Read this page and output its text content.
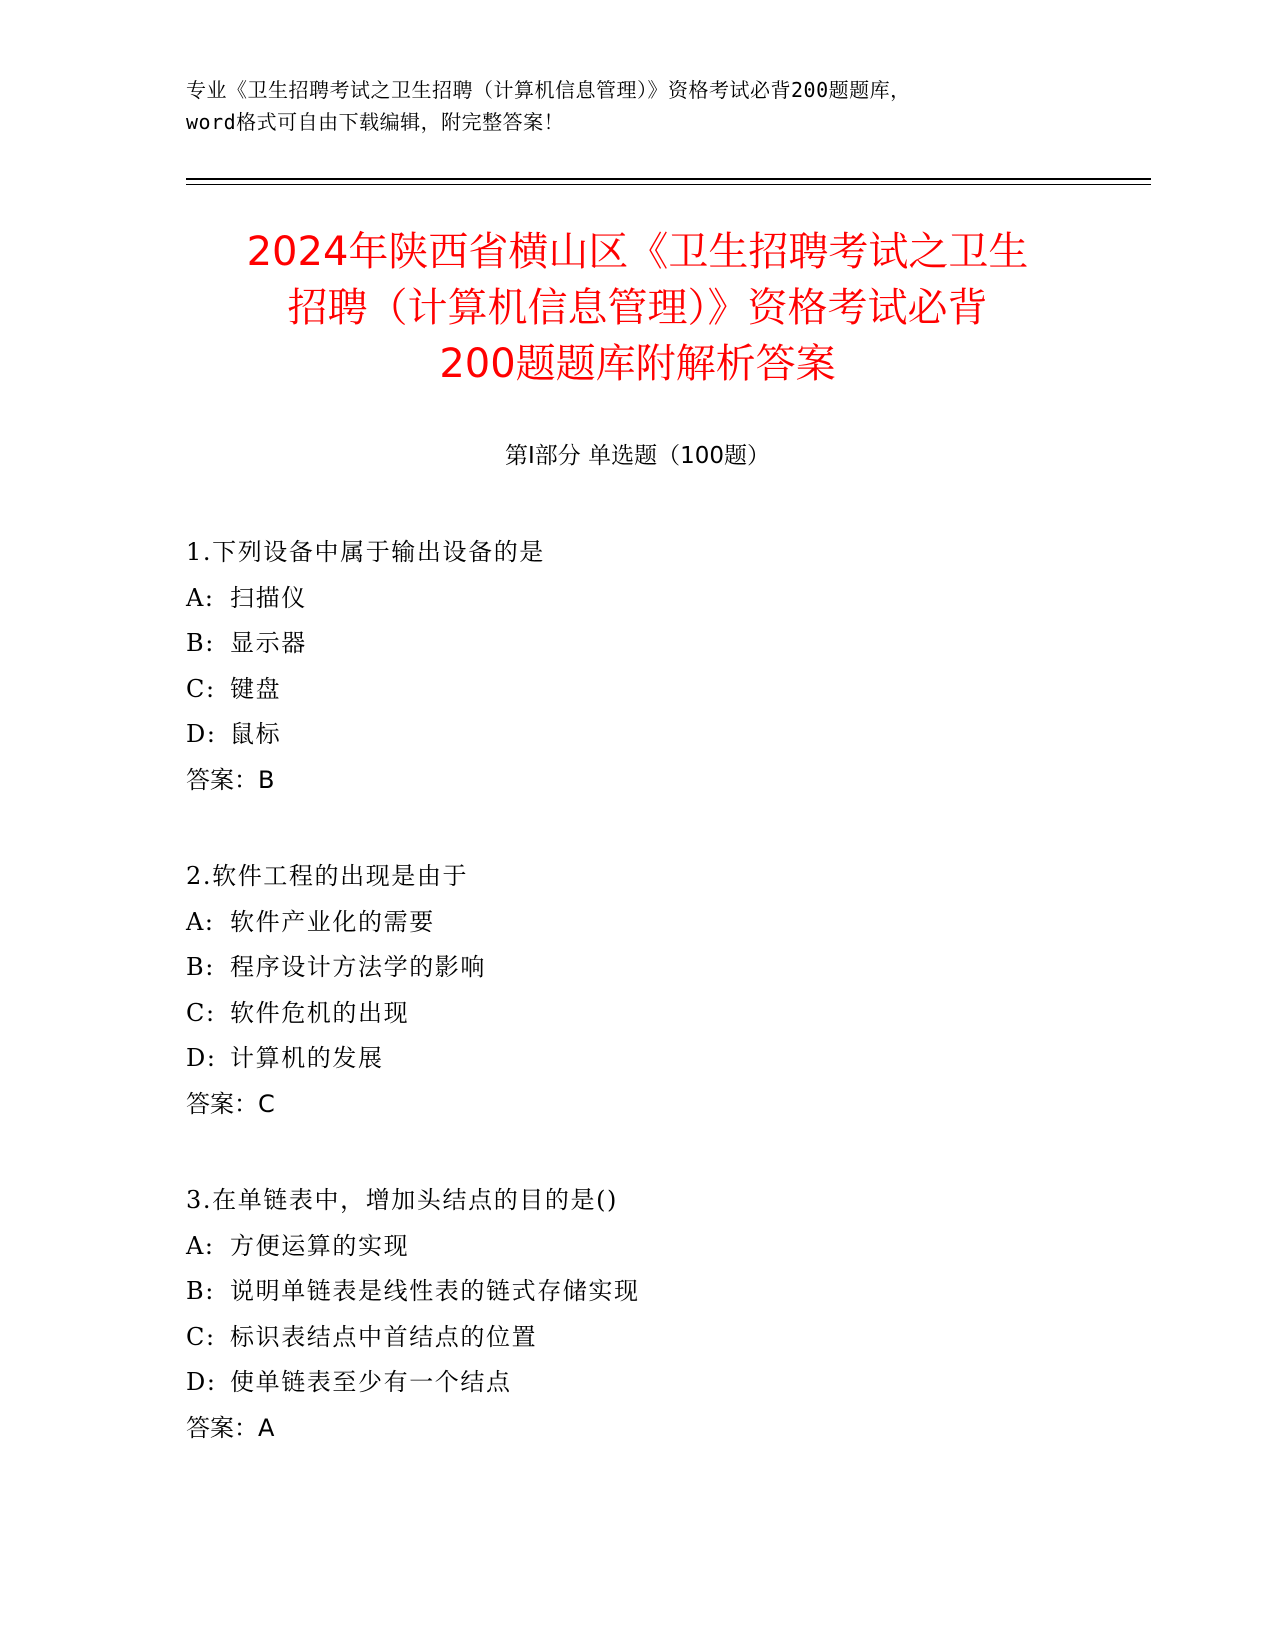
专业《卫生招聘考试之卫生招聘（计算机信息管理）》资格考试必背200题题库，
word格式可自由下载编辑，附完整答案！
2024年陕西省横山区《卫生招聘考试之卫生
招聘（计算机信息管理）》资格考试必背
200题题库附解析答案
第Ⅰ部分 单选题（100题）
1.下列设备中属于输出设备的是
A: 扫描仪
B: 显示器
C: 键盘
D: 鼠标
答案：B
2.软件工程的出现是由于
A: 软件产业化的需要
B: 程序设计方法学的影响
C: 软件危机的出现
D: 计算机的发展
答案：C
3.在单链表中，增加头结点的目的是()
A: 方便运算的实现
B: 说明单链表是线性表的链式存储实现
C: 标识表结点中首结点的位置
D: 使单链表至少有一个结点
答案：A
